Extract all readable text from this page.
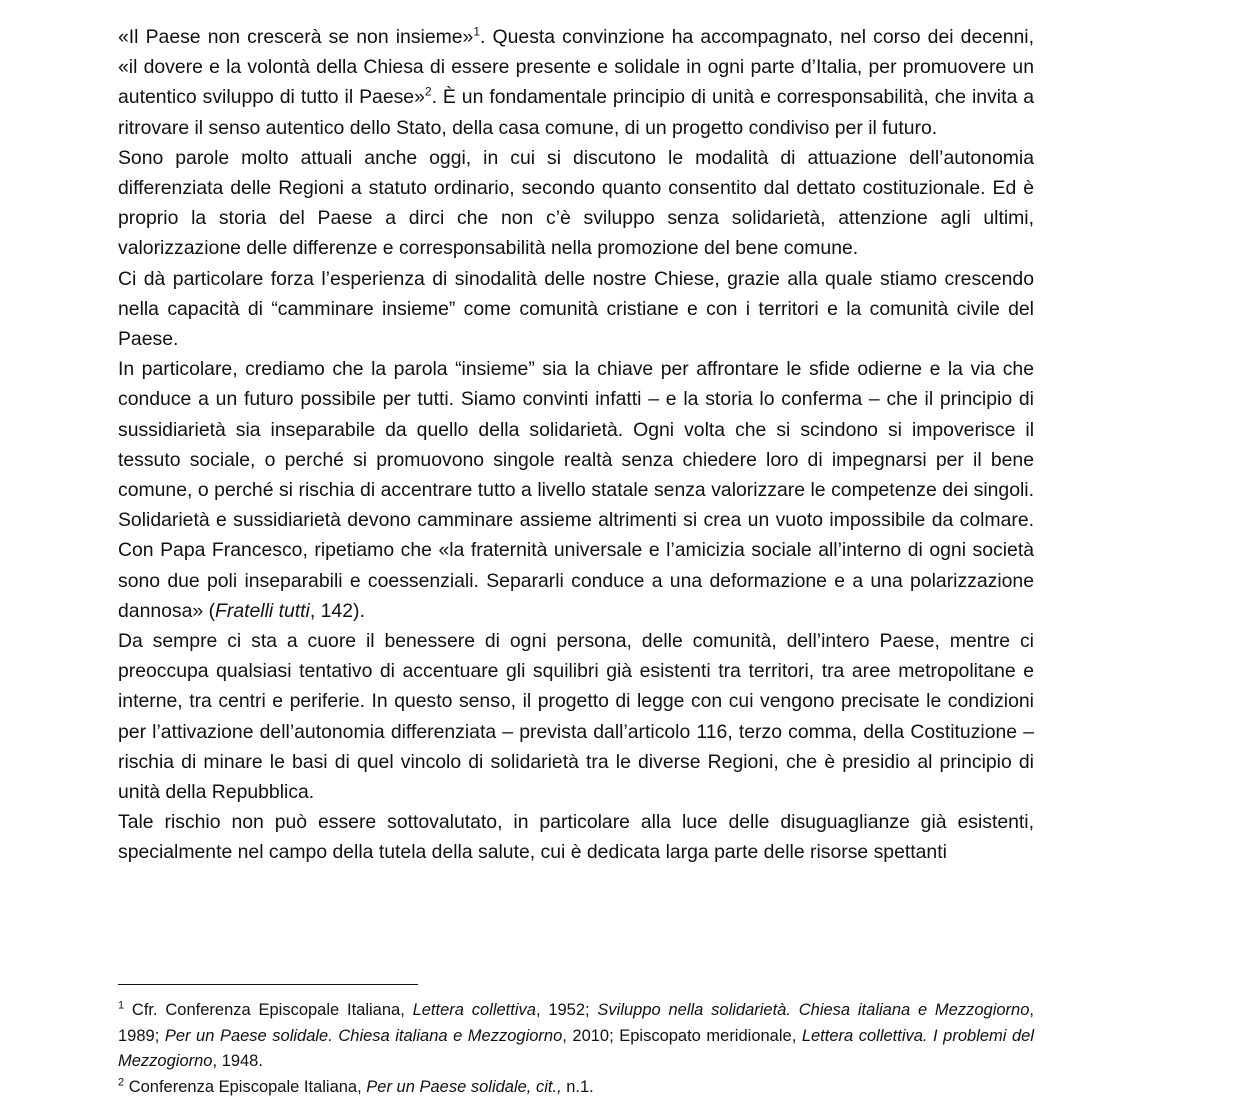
«Il Paese non crescerà se non insieme»$^1$. Questa convinzione ha accompagnato, nel corso dei decenni, «il dovere e la volontà della Chiesa di essere presente e solidale in ogni parte d’Italia, per promuovere un autentico sviluppo di tutto il Paese»$^2$. È un fondamentale principio di unità e corresponsabilità, che invita a ritrovare il senso autentico dello Stato, della casa comune, di un progetto condiviso per il futuro.

Sono parole molto attuali anche oggi, in cui si discutono le modalità di attuazione dell’autonomia differenziata delle Regioni a statuto ordinario, secondo quanto consentito dal dettato costituzionale. Ed è proprio la storia del Paese a dirci che non c’è sviluppo senza solidarietà, attenzione agli ultimi, valorizzazione delle differenze e corresponsabilità nella promozione del bene comune.

Ci dà particolare forza l’esperienza di sinodalità delle nostre Chiese, grazie alla quale stiamo crescendo nella capacità di “camminare insieme” come comunità cristiane e con i territori e la comunità civile del Paese.

In particolare, crediamo che la parola “insieme” sia la chiave per affrontare le sfide odierne e la via che conduce a un futuro possibile per tutti. Siamo convinti infatti – e la storia lo conferma – che il principio di sussidiarietà sia inseparabile da quello della solidarietà. Ogni volta che si scindono si impoverisce il tessuto sociale, o perché si promuovono singole realtà senza chiedere loro di impegnarsi per il bene comune, o perché si rischia di accentrare tutto a livello statale senza valorizzare le competenze dei singoli. Solidarietà e sussidiarietà devono camminare assieme altrimenti si crea un vuoto impossibile da colmare. Con Papa Francesco, ripetiamo che «la fraternità universale e l’amicizia sociale all’interno di ogni società sono due poli inseparabili e coessenziali. Separarli conduce a una deformazione e a una polarizzazione dannosa» (Fratelli tutti, 142).

Da sempre ci sta a cuore il benessere di ogni persona, delle comunità, dell’intero Paese, mentre ci preoccupa qualsiasi tentativo di accentuare gli squilibri già esistenti tra territori, tra aree metropolitane e interne, tra centri e periferie. In questo senso, il progetto di legge con cui vengono precisate le condizioni per l’attivazione dell’autonomia differenziata – prevista dall’articolo 116, terzo comma, della Costituzione – rischia di minare le basi di quel vincolo di solidarietà tra le diverse Regioni, che è presidio al principio di unità della Repubblica.

Tale rischio non può essere sottovalutato, in particolare alla luce delle disuguaglianze già esistenti, specialmente nel campo della tutela della salute, cui è dedicata larga parte delle risorse spettanti

$^1$ Cfr. Conferenza Episcopale Italiana, Lettera collettiva, 1952; Sviluppo nella solidarietà. Chiesa italiana e Mezzogiorno, 1989; Per un Paese solidale. Chiesa italiana e Mezzogiorno, 2010; Episcopato meridionale, Lettera collettiva. I problemi del Mezzogiorno, 1948.

$^2$ Conferenza Episcopale Italiana, Per un Paese solidale, cit., n.1.
